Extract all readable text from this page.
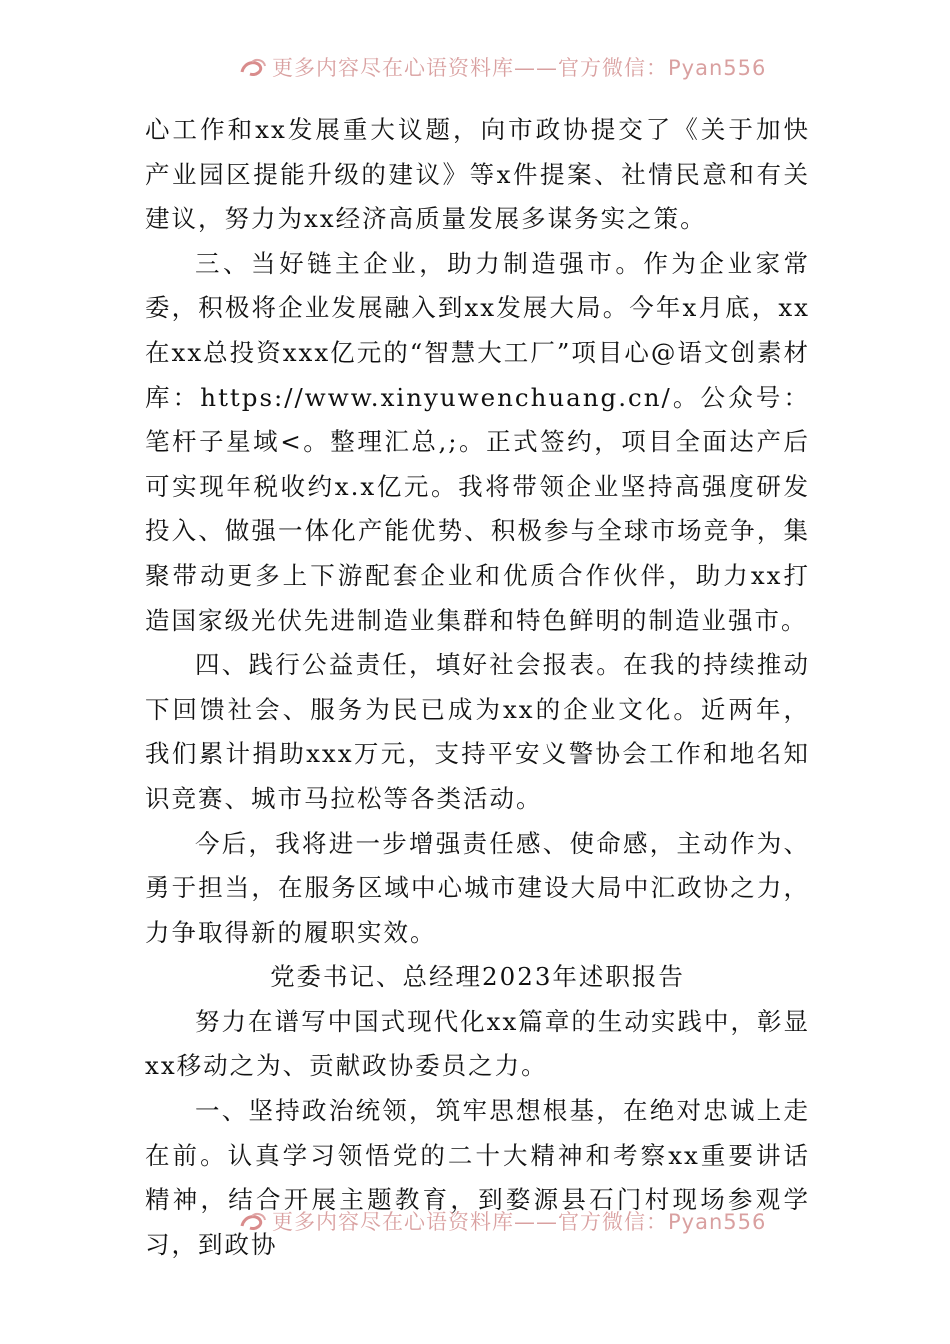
更多内容尽在心语资料库——官方微信：Pyan556

心工作和xx发展重大议题，向市政协提交了《关于加快产业园区提能升级的建议》等x件提案、社情民意和有关建议，努力为xx经济高质量发展多谋务实之策。

三、当好链主企业，助力制造强市。作为企业家常委，积极将企业发展融入到xx发展大局。今年x月底，xx在xx总投资xxx亿元的“智慧大工厂”项目心@语文创素材库：https://www.xinyuwenchuang.cn/。公众号：笔杆子星域<。整理汇总,;。正式签约，项目全面达产后可实现年税收约x.x亿元。我将带领企业坚持高强度研发投入、做强一体化产能优势、积极参与全球市场竞争，集聚带动更多上下游配套企业和优质合作伙伴，助力xx打造国家级光伏先进制造业集群和特色鲜明的制造业强市。

四、践行公益责任，填好社会报表。在我的持续推动下回馈社会、服务为民已成为xx的企业文化。近两年，我们累计捐助xxx万元，支持平安义警协会工作和地名知识竞赛、城市马拉松等各类活动。

今后，我将进一步增强责任感、使命感，主动作为、勇于担当，在服务区域中心城市建设大局中汇政协之力，力争取得新的履职实效。

党委书记、总经理2023年述职报告

努力在谱写中国式现代化xx篇章的生动实践中，彰显xx移动之为、贡献政协委员之力。

一、坚持政治统领，筑牢思想根基，在绝对忠诚上走在前。认真学习领悟党的二十大精神和考察xx重要讲话精神，结合开展主题教育，到婺源县石门村现场参观学习，到政协

更多内容尽在心语资料库——官方微信：Pyan556
